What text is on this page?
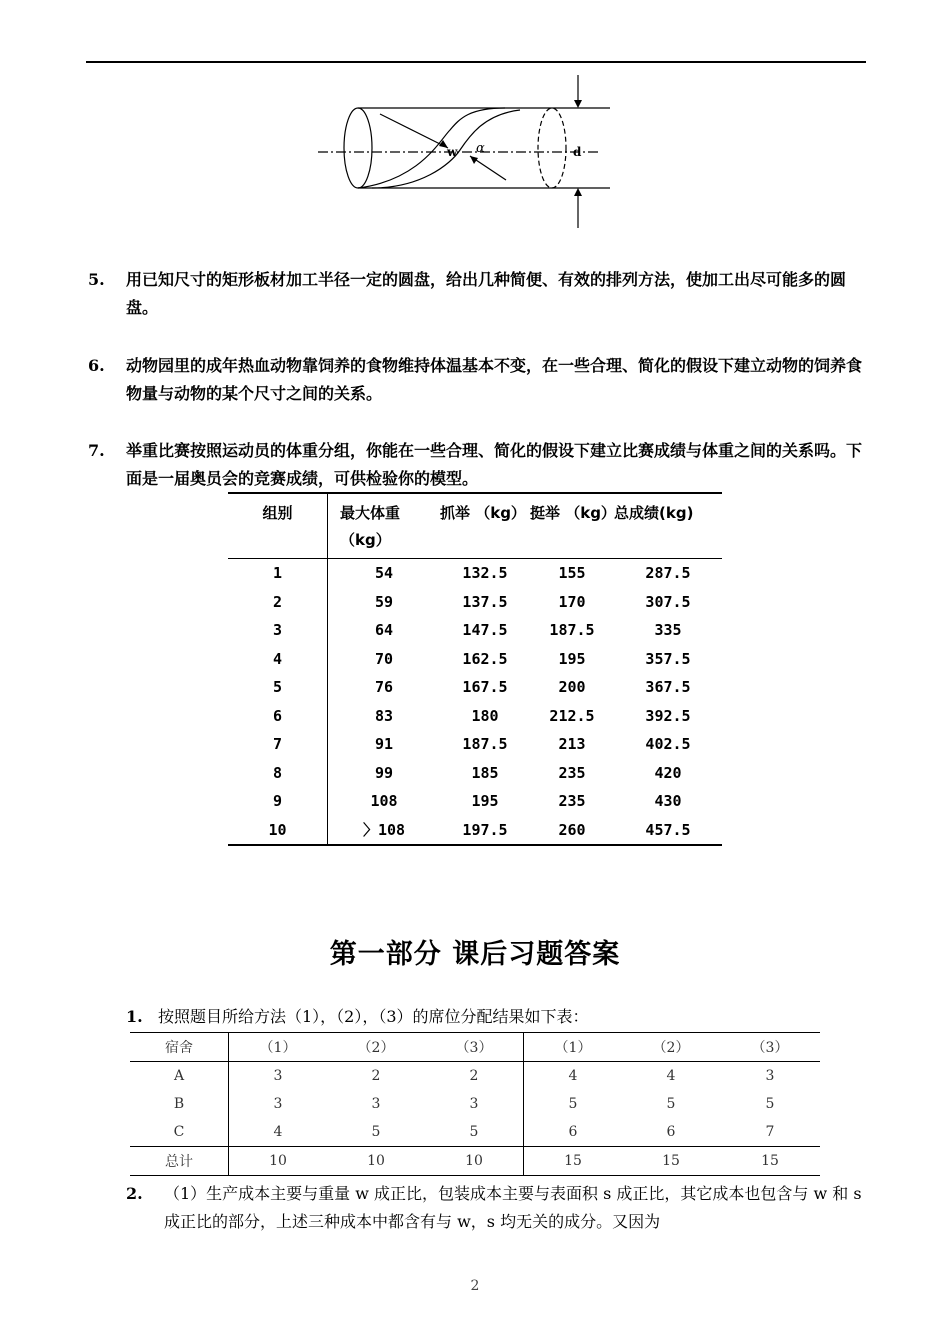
w α	d
5. 用已知尺寸的矩形板材加工半径一定的圆盘，给出几种简便、有效的排列方法，使加工出尽可能多的圆盘。
6. 动物园里的成年热血动物靠饲养的食物维持体温基本不变，在一些合理、简化的假设下建立动物的饲养食物量与动物的某个尺寸之间的关系。
7. 举重比赛按照运动员的体重分组，你能在一些合理、简化的假设下建立比赛成绩与体重之间的关系吗。下面是一届奥员会的竞赛成绩，可供检验你的模型。
组别	最大体重（kg）	抓举 （kg）	挺举 （kg）	总成绩(kg)
1	54	132.5	155	287.5
2	59	137.5	170	307.5
3	64	147.5	187.5	335
4	70	162.5	195	357.5
5	76	167.5	200	367.5
6	83	180	212.5	392.5
7	91	187.5	213	402.5
8	99	185	235	420
9	108	195	235	430
10	〉108	197.5	260	457.5
第一部分 课后习题答案
1. 按照题目所给方法（1），（2），（3）的席位分配结果如下表：
宿舍	（1）	（2）	（3）	（1）	（2）	（3）
A	3	2	2	4	4	3
B	3	3	3	5	5	5
C	4	5	5	6	6	7
总计	10	10	10	15	15	15
2. （1）生产成本主要与重量 w 成正比，包装成本主要与表面积 s 成正比，其它成本也包含与 w 和 s 成正比的部分，上述三种成本中都含有与 w，s 均无关的成分。又因为
2
